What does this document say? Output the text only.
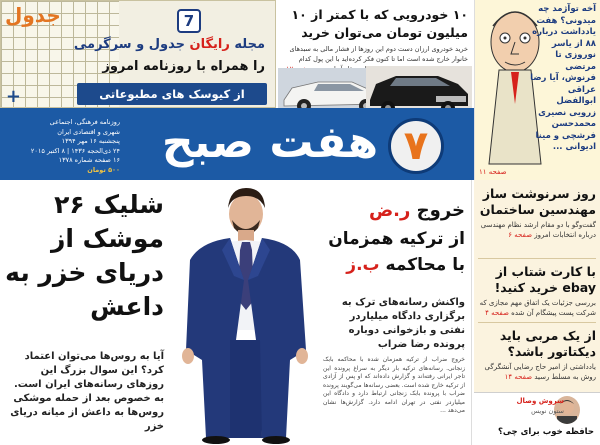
جدول	7
مجله رایگان جدول و سرگرمی
را همراه با روزنامه امروز
از کیوسک های مطبوعاتی
+
۱۰ خودرویی که با کمتر از ۱۰ میلیون تومان می‌توان خرید
خرید خودروی ارزان دست دوم این روزها از فشار مالی به سبدهای خانوار خارج شده است اما تا کنون فکر کرده‌اید با این پول کدام
آخه توآژمد چه میدونی؟ هفت یادداشت درباره ۸۸ از یاسر نوروزی تا مرتضی فرنوش، آیا رضا عراقی ابوالفضل زرویی نصیری محمدحسن فرشچی و مینا ادیوانی ...
صفحه ۱۱
روزنامه فرهنگی، اجتماعی
شهری و اقتصادی ایران
پنجشنبه ۱۶ مهر ۱۳۹۴
۲۴ ذی‌الحجه ۱۴۳۶ | ۸ اکتبر ۲۰۱۵
۱۶ صفحه شماره ۱۳۷۸
۵۰۰ تومان
هفت صبح ۷
شلیک ۲۶ موشک از دریای خزر به داعش
آیا به روس‌ها می‌توان اعتماد کرد؟ این سوال بزرگ این روزهای رسانه‌های ایران است. به خصوص بعد از حمله موشکی روس‌ها به داعش از میانه دریای خزر
خروج ر.ض
از ترکیه همزمان
با محاکمه ب.ز
واکنش رسانه‌های ترک به برگزاری دادگاه میلیاردر نفتی و بازخوانی دوباره پرونده رضا ضراب
خروج ضراب از ترکیه همزمان شده با محاکمه بابک زنجانی. رسانه‌های ترکیه بار دیگر به سراغ پرونده این تاجر ایرانی رفته‌اند و گزارش داده‌اند که او پس از آزادی از ترکیه خارج شده است. بعضی رسانه‌ها می‌گویند پرونده ضراب با پرونده بابک زنجانی ارتباط دارد و دادگاه این میلیاردر نفتی در تهران ادامه دارد. گزارش‌ها نشان می‌دهد ...
روز سرنوشت ساز مهندسین ساختمان
گفت‌وگو با دو مقام ارشد نظام مهندسی درباره انتخابات امروز صفحه ۶
با کارت شتاب از ebay خرید کنید!
بررسی جزئیات یک اتفاق مهم مجازی که شرکت پست پیشگام آن شده صفحه ۴
از یک مربی باید دیکتاتور باشد؟
یادداشتی از امیر حاج رضایی آنشگرگی روش به مسلط رسید صفحه ۱۴
سروش وصال
ستون نویس
حافظه خوب برای چی؟
